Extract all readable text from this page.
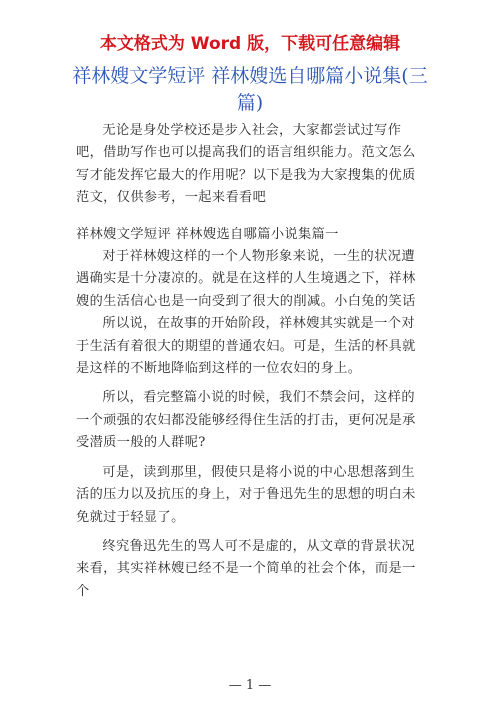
本文格式为 Word 版，下载可任意编辑
祥林嫂文学短评 祥林嫂选自哪篇小说集(三篇)

无论是身处学校还是步入社会，大家都尝试过写作吧，借助写作也可以提高我们的语言组织能力。范文怎么写才能发挥它最大的作用呢？以下是我为大家搜集的优质范文，仅供参考，一起来看看吧

祥林嫂文学短评 祥林嫂选自哪篇小说集篇一

对于祥林嫂这样的一个人物形象来说，一生的状况遭遇确实是十分凄凉的。就是在这样的人生境遇之下，祥林嫂的生活信心也是一向受到了很大的削减。小白兔的笑话

所以说，在故事的开始阶段，祥林嫂其实就是一个对于生活有着很大的期望的普通农妇。可是，生活的杯具就是这样的不断地降临到这样的一位农妇的身上。

所以，看完整篇小说的时候，我们不禁会问，这样的一个顽强的农妇都没能够经得住生活的打击，更何况是承受潜质一般的人群呢?

可是，读到那里，假使只是将小说的中心思想落到生活的压力以及抗压的身上，对于鲁迅先生的思想的明白未免就过于轻显了。

终究鲁迅先生的骂人可不是虚的，从文章的背景状况来看，其实祥林嫂已经不是一个简单的社会个体，而是一个

— 1 —
